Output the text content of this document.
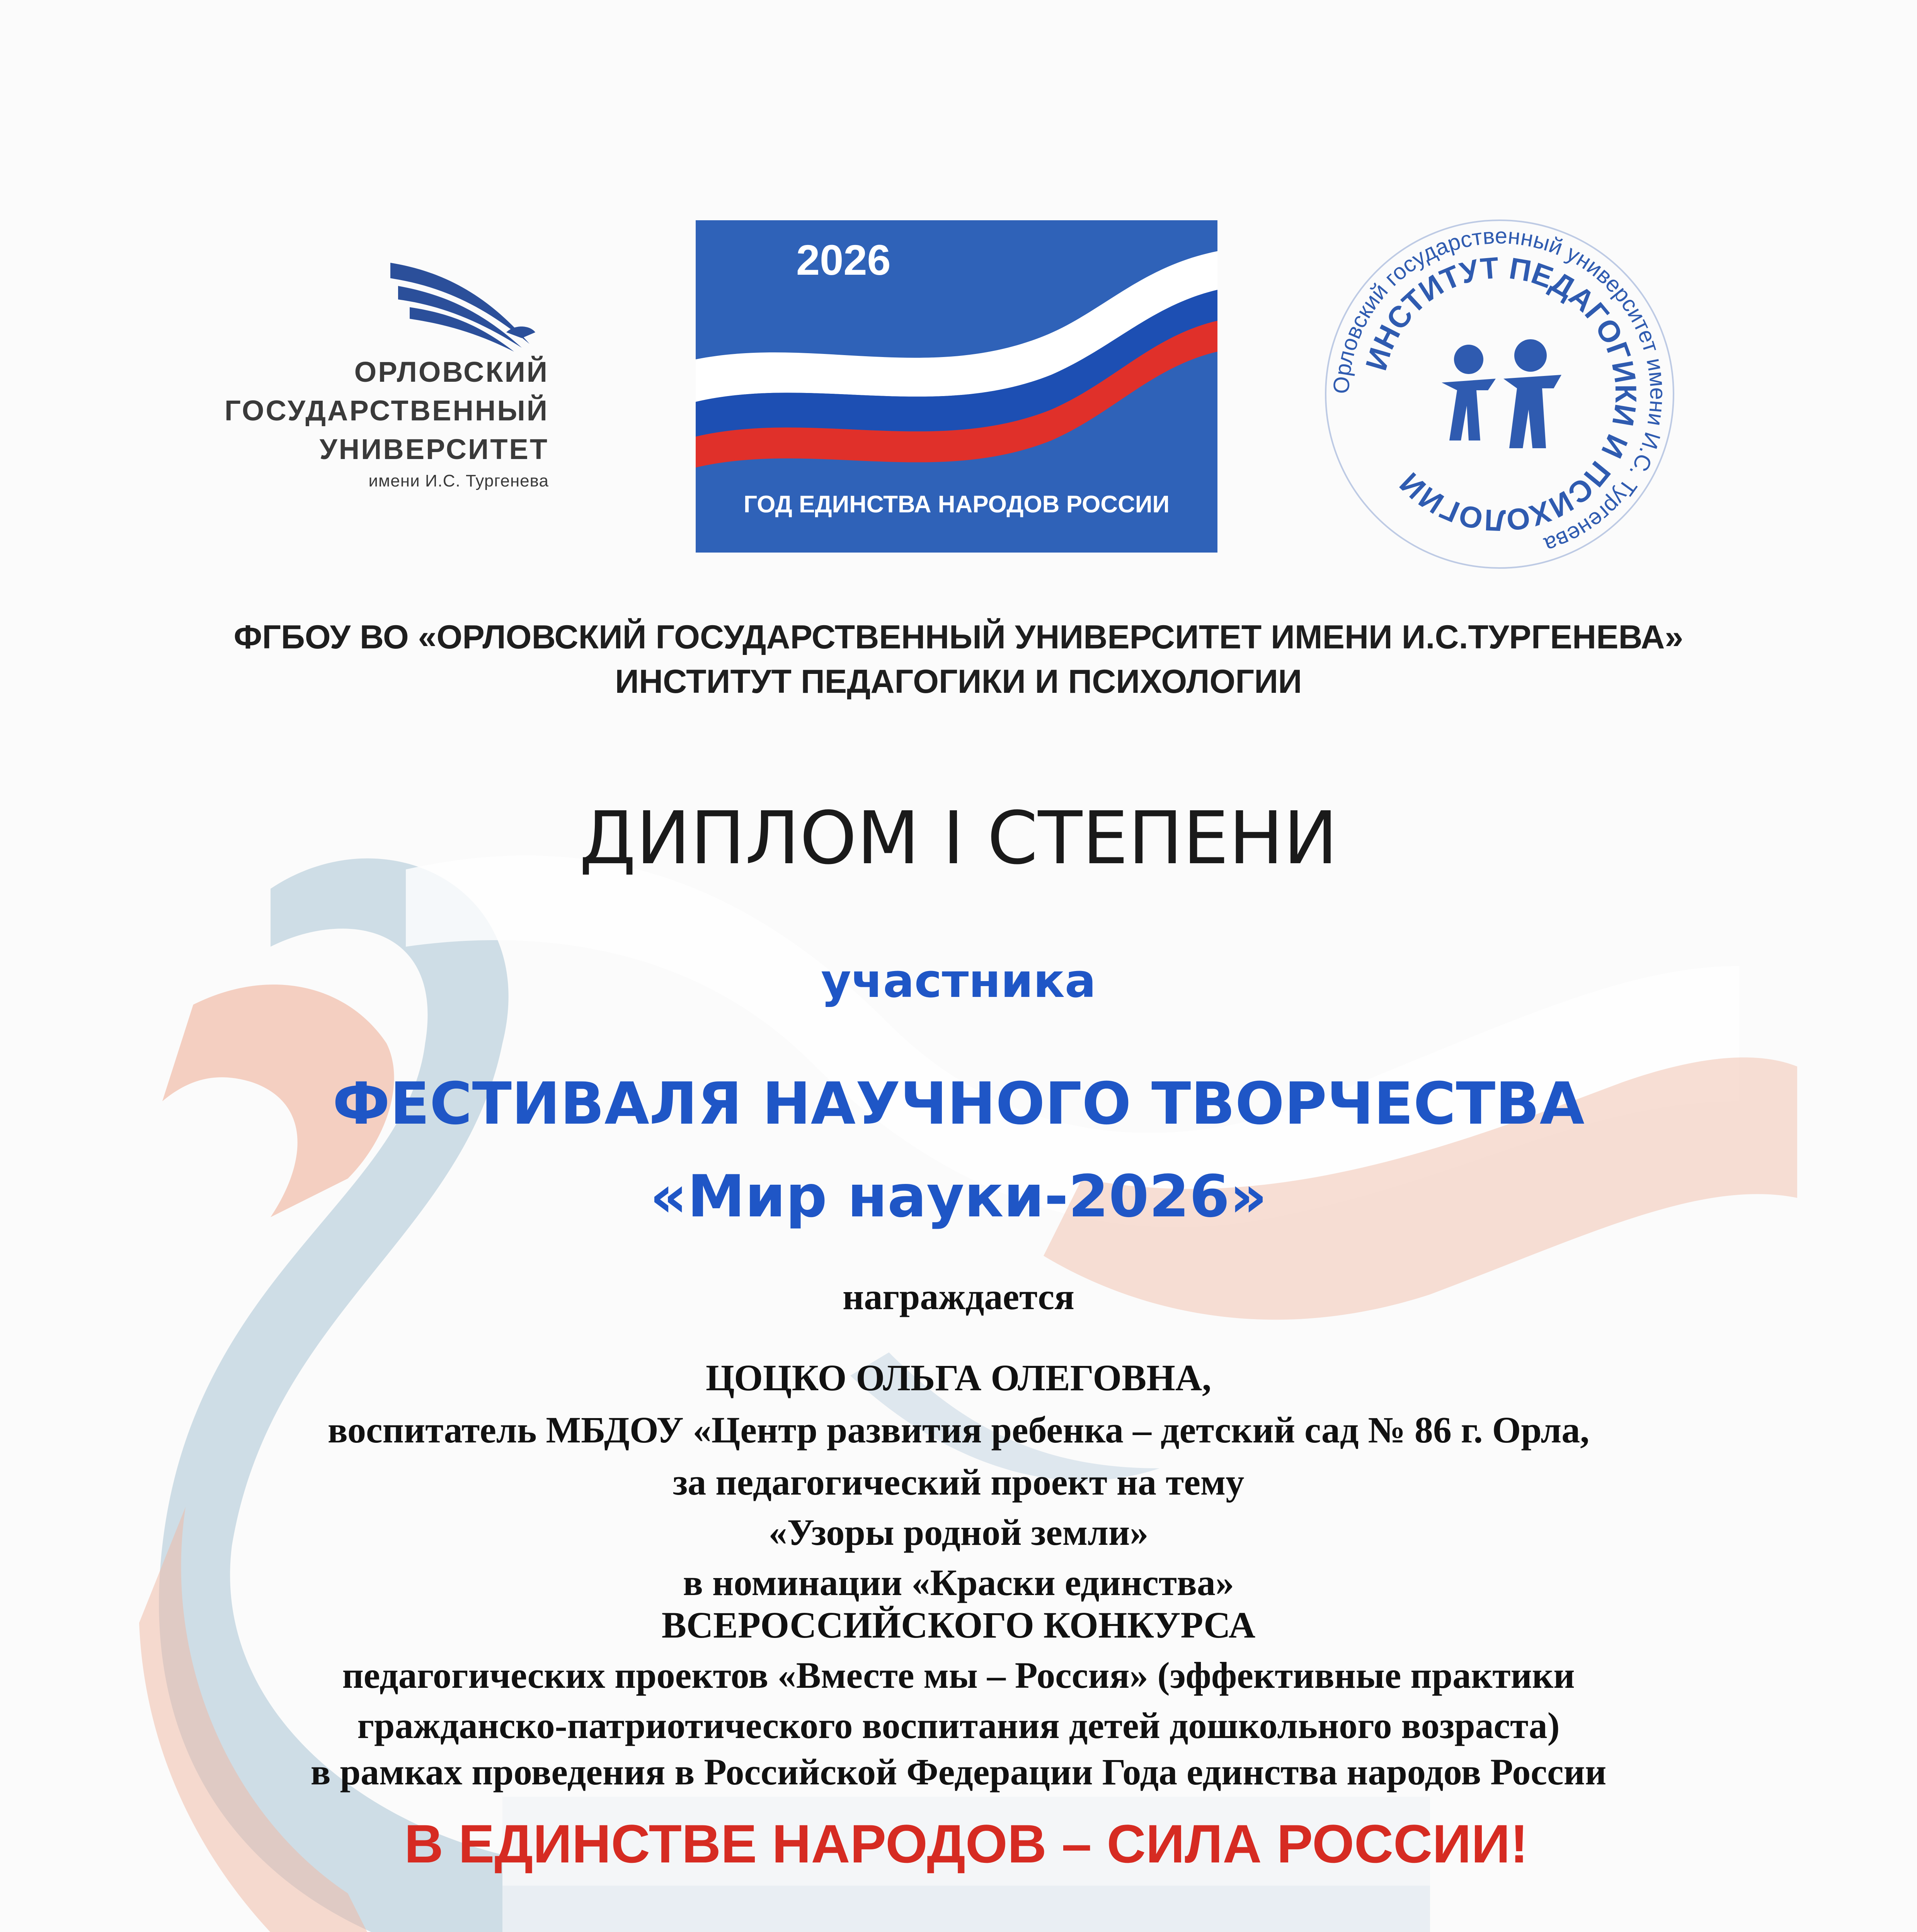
ОРЛОВСКИЙ
ГОСУДАРСТВЕННЫЙ
УНИВЕРСИТЕТ
имени И.С. Тургенева
2026
ГОД ЕДИНСТВА НАРОДОВ РОССИИ
Орловский государственный университет имени И.С. Тургенева
ИНСТИТУТ ПЕДАГОГИКИ И ПСИХОЛОГИИ
ФГБОУ ВО «ОРЛОВСКИЙ ГОСУДАРСТВЕННЫЙ УНИВЕРСИТЕТ ИМЕНИ И.С.ТУРГЕНЕВА»
ИНСТИТУТ ПЕДАГОГИКИ И ПСИХОЛОГИИ
ДИПЛОМ I СТЕПЕНИ
участника
ФЕСТИВАЛЯ НАУЧНОГО ТВОРЧЕСТВА
«Мир науки-2026»
награждается
ЦОЦКО ОЛЬГА ОЛЕГОВНА,
воспитатель МБДОУ «Центр развития ребенка – детский сад № 86 г. Орла,
за педагогический проект на тему
«Узоры родной земли»
в номинации «Краски единства»
ВСЕРОССИЙСКОГО КОНКУРСА
педагогических проектов «Вместе мы – Россия» (эффективные практики
гражданско-патриотического воспитания детей дошкольного возраста)
в рамках проведения в Российской Федерации Года единства народов России
В ЕДИНСТВЕ НАРОДОВ – СИЛА РОССИИ!
